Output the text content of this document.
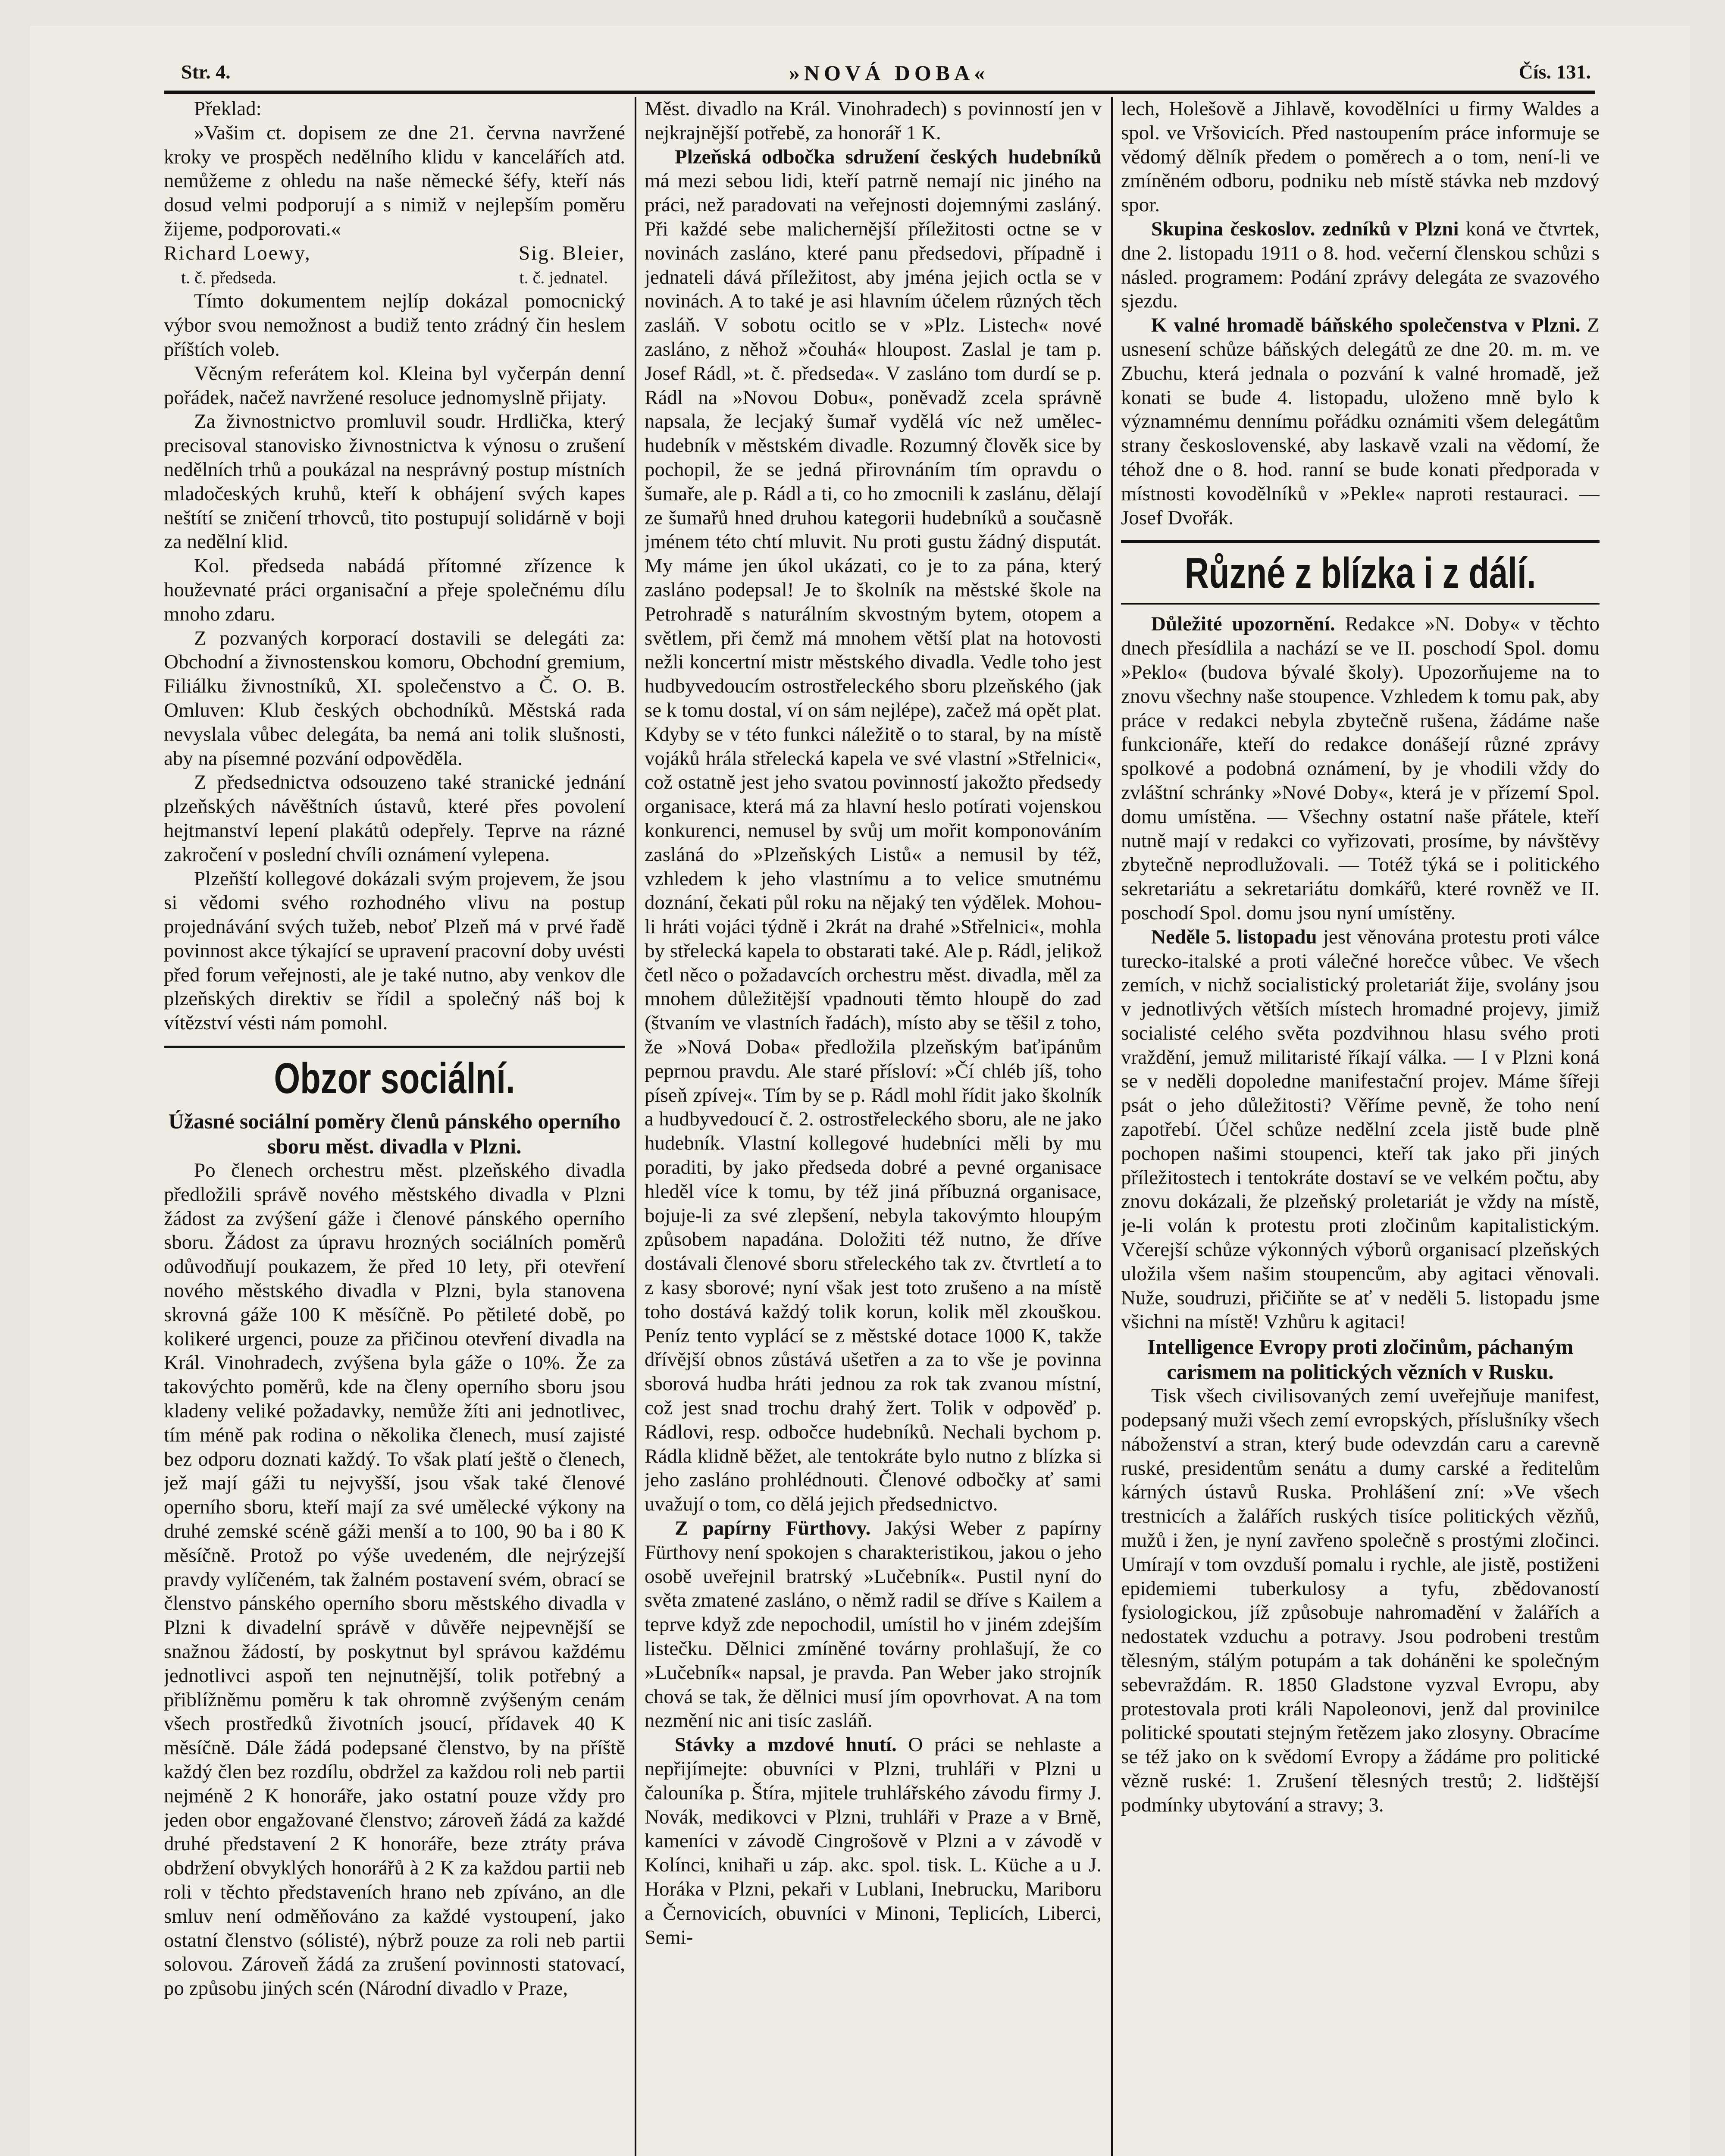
Str. 4.	»NOVÁ DOBA«	Čís. 131.

Překlad:

»Vašim ct. dopisem ze dne 21. června navržené kroky ve prospěch nedělního klidu v kancelářích atd. nemůžeme z ohledu na naše německé šéfy, kteří nás dosud velmi podporují a s nimiž v nejlepším poměru žijeme, podporovati.«

Richard Loewy,	Sig. Bleier,
t. č. předseda.	t. č. jednatel.

Tímto dokumentem nejlíp dokázal pomocnický výbor svou nemožnost a budiž tento zrádný čin heslem příštích voleb.

Věcným referátem kol. Kleina byl vyčerpán denní pořádek, načež navržené resoluce jednomyslně přijaty.

Za živnostnictvo promluvil soudr. Hrdlička, který precisoval stanovisko živnostnictva k výnosu o zrušení nedělních trhů a poukázal na nesprávný postup místních mladočeských kruhů, kteří k obhájení svých kapes neštítí se zničení trhovců, tito postupují solidárně v boji za nedělní klid.

Kol. předseda nabádá přítomné zřízence k houževnaté práci organisační a přeje společnému dílu mnoho zdaru.

Z pozvaných korporací dostavili se delegáti za: Obchodní a živnostenskou komoru, Obchodní gremium, Filiálku živnostníků, XI. společenstvo a Č. O. B. Omluven: Klub českých obchodníků. Městská rada nevyslala vůbec delegáta, ba nemá ani tolik slušnosti, aby na písemné pozvání odpověděla.

Z předsednictva odsouzeno také stranické jednání plzeňských návěštních ústavů, které přes povolení hejtmanství lepení plakátů odepřely. Teprve na rázné zakročení v poslední chvíli oznámení vylepena.

Plzeňští kollegové dokázali svým projevem, že jsou si vědomi svého rozhodného vlivu na postup projednávání svých tužeb, neboť Plzeň má v prvé řadě povinnost akce týkající se upravení pracovní doby uvésti před forum veřejnosti, ale je také nutno, aby venkov dle plzeňských direktiv se řídil a společný náš boj k vítězství vésti nám pomohl.

Obzor sociální.

Úžasné sociální poměry členů pánského operního sboru měst. divadla v Plzni.

Po členech orchestru měst. plzeňského divadla předložili správě nového městského divadla v Plzni žádost za zvýšení gáže i členové pánského operního sboru. Žádost za úpravu hrozných sociálních poměrů odůvodňují poukazem, že před 10 lety, při otevření nového městského divadla v Plzni, byla stanovena skrovná gáže 100 K měsíčně. Po pětileté době, po kolikeré urgenci, pouze za přičinou otevření divadla na Král. Vinohradech, zvýšena byla gáže o 10%. Že za takovýchto poměrů, kde na členy operního sboru jsou kladeny veliké požadavky, nemůže žíti ani jednotlivec, tím méně pak rodina o několika členech, musí zajisté bez odporu doznati každý. To však platí ještě o členech, jež mají gáži tu nejvyšší, jsou však také členové operního sboru, kteří mají za své umělecké výkony na druhé zemské scéně gáži menší a to 100, 90 ba i 80 K měsíčně. Protož po výše uvedeném, dle nejrýzejší pravdy vylíčeném, tak žalném postavení svém, obrací se členstvo pánského operního sboru městského divadla v Plzni k divadelní správě v důvěře nejpevnější se snažnou žádostí, by poskytnut byl správou každému jednotlivci aspoň ten nejnutnější, tolik potřebný a přiblížněmu poměru k tak ohromně zvýšeným cenám všech prostředků životních jsoucí, přídavek 40 K měsíčně. Dále žádá podepsané členstvo, by na příště každý člen bez rozdílu, obdržel za každou roli neb partii nejméně 2 K honoráře, jako ostatní pouze vždy pro jeden obor engažované členstvo; zároveň žádá za každé druhé představení 2 K honoráře, beze ztráty práva obdržení obvyklých honorářů à 2 K za každou partii neb roli v těchto představeních hrano neb zpíváno, an dle smluv není odměňováno za každé vystoupení, jako ostatní členstvo (sólisté), nýbrž pouze za roli neb partii solovou. Zároveň žádá za zrušení povinnosti statovací, po způsobu jiných scén (Národní divadlo v Praze,

Měst. divadlo na Král. Vinohradech) s povinností jen v nejkrajnější potřebě, za honorář 1 K.

Plzeňská odbočka sdružení českých hudebníků má mezi sebou lidi, kteří patrně nemají nic jiného na práci, než paradovati na veřejnosti dojemnými zasláný. Při každé sebe malichernější příležitosti octne se v novinách zasláno, které panu předsedovi, případně i jednateli dává příležitost, aby jména jejich octla se v novinách. A to také je asi hlavním účelem různých těch zasláň. V sobotu ocitlo se v »Plz. Listech« nové zasláno, z něhož »čouhá« hloupost. Zaslal je tam p. Josef Rádl, »t. č. předseda«. V zasláno tom durdí se p. Rádl na »Novou Dobu«, poněvadž zcela správně napsala, že lecjaký šumař vydělá víc než umělec-hudebník v městském divadle. Rozumný člověk sice by pochopil, že se jedná přirovnáním tím opravdu o šumaře, ale p. Rádl a ti, co ho zmocnili k zaslánu, dělají ze šumařů hned druhou kategorii hudebníků a současně jménem této chtí mluvit. Nu proti gustu žádný disputát. My máme jen úkol ukázati, co je to za pána, který zasláno podepsal! Je to školník na městské škole na Petrohradě s naturálním skvostným bytem, otopem a světlem, při čemž má mnohem větší plat na hotovosti nežli koncertní mistr městského divadla. Vedle toho jest hudbyvedoucím ostrostřeleckého sboru plzeňského (jak se k tomu dostal, ví on sám nejlépe), začež má opět plat. Kdyby se v této funkci náležitě o to staral, by na místě vojáků hrála střelecká kapela ve své vlastní »Střelnici«, což ostatně jest jeho svatou povinností jakožto předsedy organisace, která má za hlavní heslo potírati vojenskou konkurenci, nemusel by svůj um mořit komponováním zasláná do »Plzeňských Listů« a nemusil by též, vzhledem k jeho vlastnímu a to velice smutnému doznání, čekati půl roku na nějaký ten výdělek. Mohou-li hráti vojáci týdně i 2krát na drahé »Střelnici«, mohla by střelecká kapela to obstarati také. Ale p. Rádl, jelikož četl něco o požadavcích orchestru měst. divadla, měl za mnohem důležitější vpadnouti těmto hloupě do zad (štvaním ve vlastních řadách), místo aby se těšil z toho, že »Nová Doba« předložila plzeňským baťipánům peprnou pravdu. Ale staré přísloví: »Čí chléb jíš, toho píseň zpívej«. Tím by se p. Rádl mohl řídit jako školník a hudbyvedoucí č. 2. ostrostřeleckého sboru, ale ne jako hudebník. Vlastní kollegové hudebníci měli by mu poraditi, by jako předseda dobré a pevné organisace hleděl více k tomu, by též jiná příbuzná organisace, bojuje-li za své zlepšení, nebyla takovýmto hloupým způsobem napadána. Doložiti též nutno, že dříve dostávali členové sboru střeleckého tak zv. čtvrtletí a to z kasy sborové; nyní však jest toto zrušeno a na místě toho dostává každý tolik korun, kolik měl zkouškou. Peníz tento vyplácí se z městské dotace 1000 K, takže dřívější obnos zůstává ušetřen a za to vše je povinna sborová hudba hráti jednou za rok tak zvanou místní, což jest snad trochu drahý žert. Tolik v odpověď p. Rádlovi, resp. odbočce hudebníků. Nechali bychom p. Rádla klidně běžet, ale tentokráte bylo nutno z blízka si jeho zasláno prohlédnouti. Členové odbočky ať sami uvažují o tom, co dělá jejich předsednictvo.

Z papírny Fürthovy. Jakýsi Weber z papírny Fürthovy není spokojen s charakteristikou, jakou o jeho osobě uveřejnil bratrský »Lučebník«. Pustil nyní do světa zmatené zasláno, o němž radil se dříve s Kailem a teprve když zde nepochodil, umístil ho v jiném zdejším listečku. Dělnici zmíněné továrny prohlašují, že co »Lučebník« napsal, je pravda. Pan Weber jako strojník chová se tak, že dělnici musí jím opovrhovat. A na tom nezmění nic ani tisíc zasláň.

Stávky a mzdové hnutí. O práci se nehlaste a nepřijímejte: obuvníci v Plzni, truhláři v Plzni u čalouníka p. Štíra, mjitele truhlářského závodu firmy J. Novák, medikovci v Plzni, truhláři v Praze a v Brně, kameníci v závodě Cingrošově v Plzni a v závodě v Kolínci, knihaři u záp. akc. spol. tisk. L. Küche a u J. Horáka v Plzni, pekaři v Lublani, Inebrucku, Mariboru a Černovicích, obuvníci v Minoni, Teplicích, Liberci, Semi-

lech, Holešově a Jihlavě, kovodělníci u firmy Waldes a spol. ve Vršovicích. Před nastoupením práce informuje se vědomý dělník předem o poměrech a o tom, není-li ve zmíněném odboru, podniku neb místě stávka neb mzdový spor.

Skupina českoslov. zedníků v Plzni koná ve čtvrtek, dne 2. listopadu 1911 o 8. hod. večerní členskou schůzi s násled. programem: Podání zprávy delegáta ze svazového sjezdu.

K valné hromadě báňského společenstva v Plzni. Z usnesení schůze báňských delegátů ze dne 20. m. m. ve Zbuchu, která jednala o pozvání k valné hromadě, jež konati se bude 4. listopadu, uloženo mně bylo k významnému dennímu pořádku oznámiti všem delegátům strany československé, aby laskavě vzali na vědomí, že téhož dne o 8. hod. ranní se bude konati předporada v místnosti kovodělníků v »Pekle« naproti restauraci. — Josef Dvořák.

Různé z blízka i z dálí.

Důležité upozornění. Redakce »N. Doby« v těchto dnech přesídlila a nachází se ve II. poschodí Spol. domu »Peklo« (budova bývalé školy). Upozorňujeme na to znovu všechny naše stoupence. Vzhledem k tomu pak, aby práce v redakci nebyla zbytečně rušena, žádáme naše funkcionáře, kteří do redakce donášejí různé zprávy spolkové a podobná oznámení, by je vhodili vždy do zvláštní schránky »Nové Doby«, která je v přízemí Spol. domu umístěna. — Všechny ostatní naše přátele, kteří nutně mají v redakci co vyřizovati, prosíme, by návštěvy zbytečně neprodlužovali. — Totéž týká se i politického sekretariátu a sekretariátu domkářů, které rovněž ve II. poschodí Spol. domu jsou nyní umístěny.

Neděle 5. listopadu jest věnována protestu proti válce turecko-italské a proti válečné horečce vůbec. Ve všech zemích, v nichž socialistický proletariát žije, svolány jsou v jednotlivých větších místech hromadné projevy, jimiž socialisté celého světa pozdvihnou hlasu svého proti vraždění, jemuž militaristé říkají válka. — I v Plzni koná se v neděli dopoledne manifestační projev. Máme šířeji psát o jeho důležitosti? Věříme pevně, že toho není zapotřebí. Účel schůze nedělní zcela jistě bude plně pochopen našimi stoupenci, kteří tak jako při jiných příležitostech i tentokráte dostaví se ve velkém počtu, aby znovu dokázali, že plzeňský proletariát je vždy na místě, je-li volán k protestu proti zločinům kapitalistickým. Včerejší schůze výkonných výborů organisací plzeňských uložila všem našim stoupencům, aby agitaci věnovali. Nuže, soudruzi, přičiňte se ať v neděli 5. listopadu jsme všichni na místě! Vzhůru k agitaci!

Intelligence Evropy proti zločinům, páchaným carismem na politických vězních v Rusku.

Tisk všech civilisovaných zemí uveřejňuje manifest, podepsaný muži všech zemí evropských, příslušníky všech náboženství a stran, který bude odevzdán caru a carevně ruské, presidentům senátu a dumy carské a ředitelům kárných ústavů Ruska. Prohlášení zní: »Ve všech trestnicích a žalářích ruských tisíce politických vězňů, mužů i žen, je nyní zavřeno společně s prostými zločinci. Umírají v tom ovzduší pomalu i rychle, ale jistě, postiženi epidemiemi tuberkulosy a tyfu, zbědovaností fysiologickou, jíž způsobuje nahromadění v žalářích a nedostatek vzduchu a potravy. Jsou podrobeni trestům tělesným, stálým potupám a tak doháněni ke společným sebevraždám. R. 1850 Gladstone vyzval Evropu, aby protestovala proti králi Napoleonovi, jenž dal provinilce politické spoutati stejným řetězem jako zlosyny. Obracíme se též jako on k svědomí Evropy a žádáme pro politické vězně ruské: 1. Zrušení tělesných trestů; 2. lidštější podmínky ubytování a stravy; 3.
